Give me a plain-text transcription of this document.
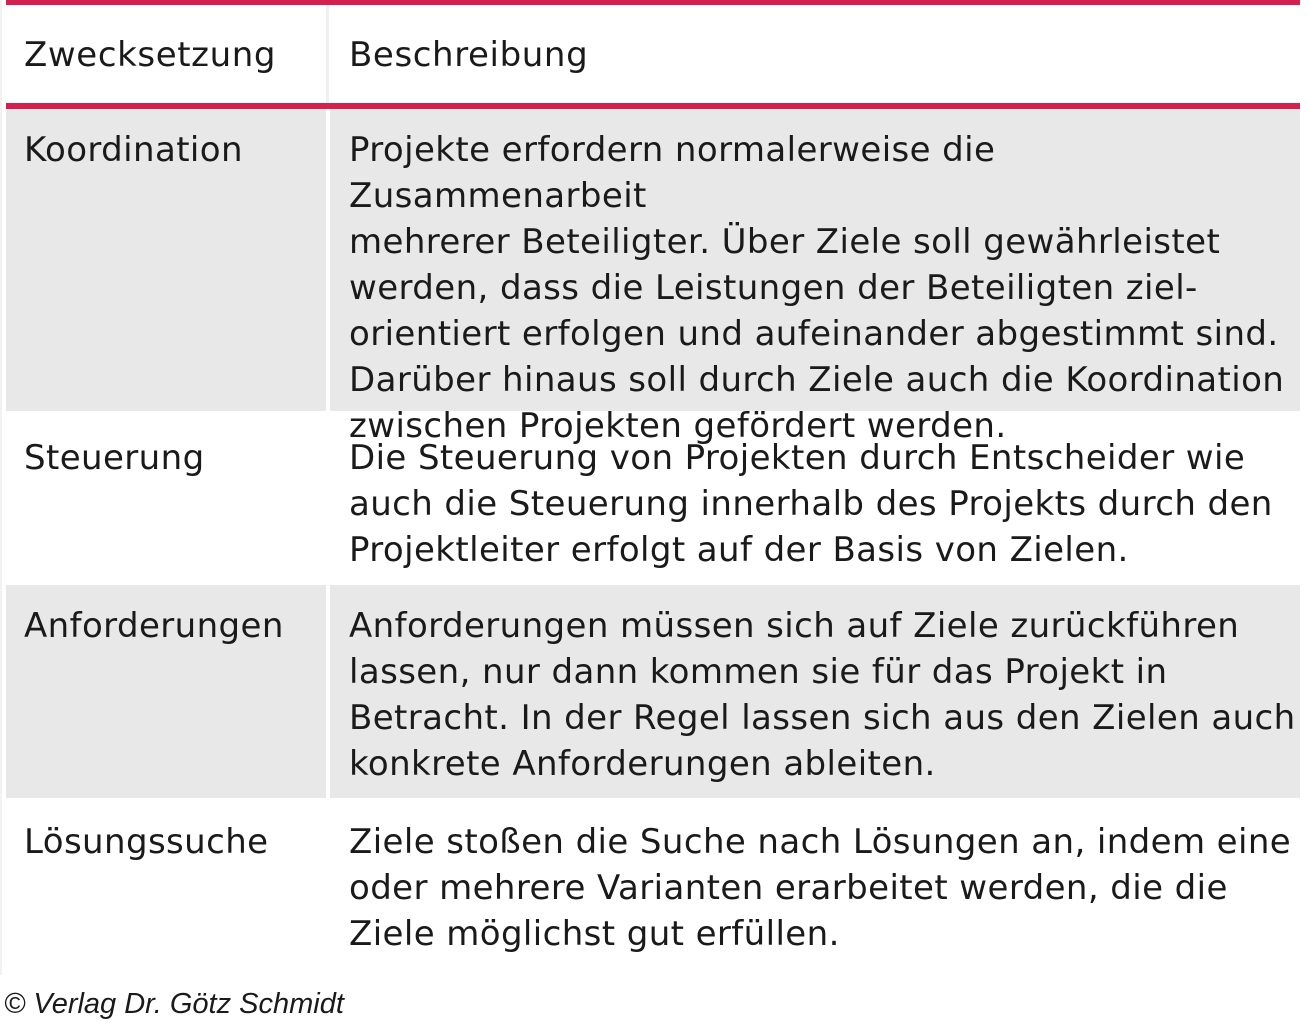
Zwecksetzung	Beschreibung
Koordination	Projekte erfordern normalerweise die Zusammenarbeit
mehrerer Beteiligter. Über Ziele soll gewährleistet
werden, dass die Leistungen der Beteiligten ziel-
orientiert erfolgen und aufeinander abgestimmt sind.
Darüber hinaus soll durch Ziele auch die Koordination
zwischen Projekten gefördert werden.
Steuerung	Die Steuerung von Projekten durch Entscheider wie
auch die Steuerung innerhalb des Projekts durch den
Projektleiter erfolgt auf der Basis von Zielen.
Anforderungen	Anforderungen müssen sich auf Ziele zurückführen
lassen, nur dann kommen sie für das Projekt in
Betracht. In der Regel lassen sich aus den Zielen auch
konkrete Anforderungen ableiten.
Lösungssuche	Ziele stoßen die Suche nach Lösungen an, indem eine
oder mehrere Varianten erarbeitet werden, die die
Ziele möglichst gut erfüllen.
© Verlag Dr. Götz Schmidt
